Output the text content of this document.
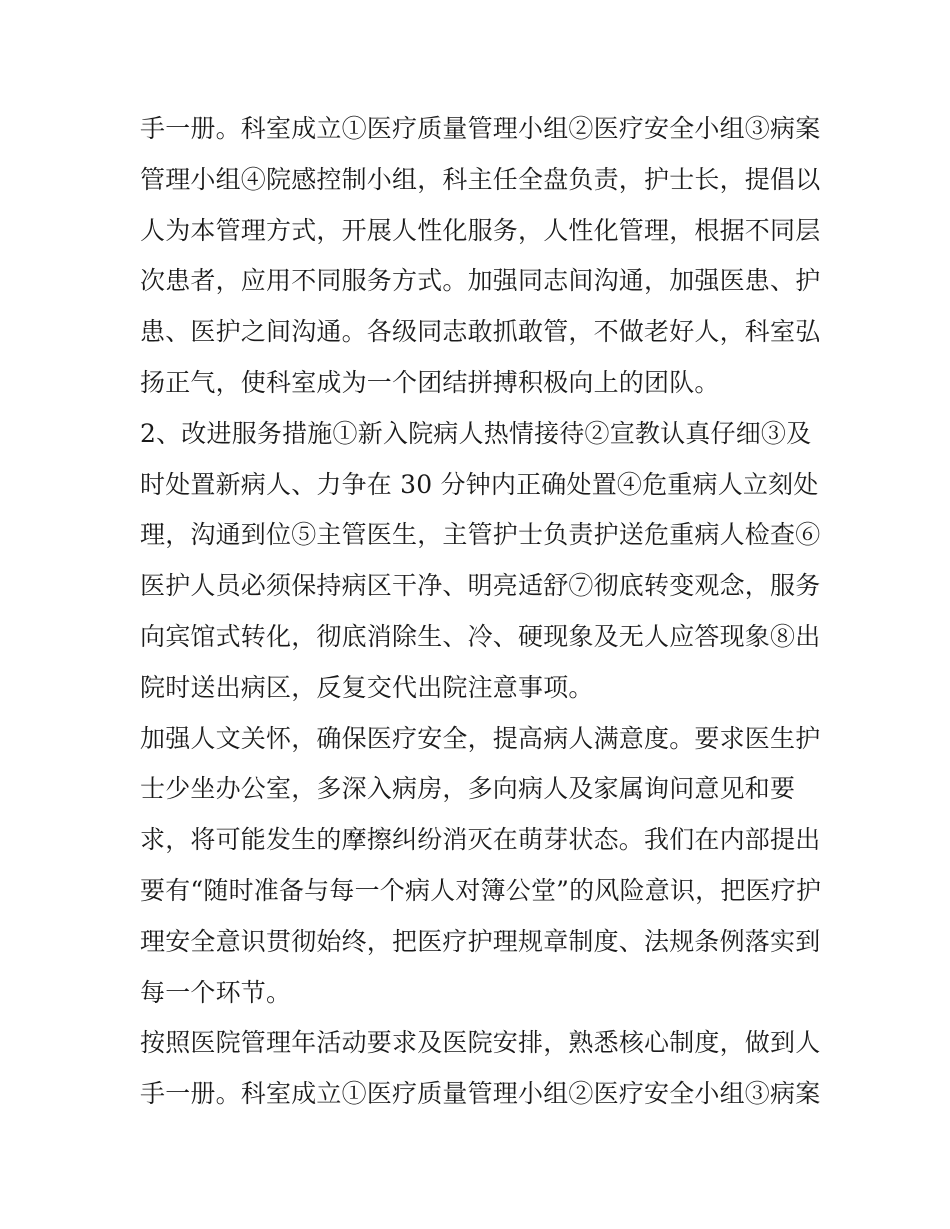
手一册。科室成立①医疗质量管理小组②医疗安全小组③病案
管理小组④院感控制小组，科主任全盘负责，护士长，提倡以
人为本管理方式，开展人性化服务，人性化管理，根据不同层
次患者，应用不同服务方式。加强同志间沟通，加强医患、护
患、医护之间沟通。各级同志敢抓敢管，不做老好人，科室弘
扬正气，使科室成为一个团结拼搏积极向上的团队。
2、改进服务措施①新入院病人热情接待②宣教认真仔细③及
时处置新病人、力争在 30 分钟内正确处置④危重病人立刻处
理，沟通到位⑤主管医生，主管护士负责护送危重病人检查⑥
医护人员必须保持病区干净、明亮适舒⑦彻底转变观念，服务
向宾馆式转化，彻底消除生、冷、硬现象及无人应答现象⑧出
院时送出病区，反复交代出院注意事项。
加强人文关怀，确保医疗安全，提高病人满意度。要求医生护
士少坐办公室，多深入病房，多向病人及家属询问意见和要
求，将可能发生的摩擦纠纷消灭在萌芽状态。我们在内部提出
要有“随时准备与每一个病人对簿公堂”的风险意识，把医疗护
理安全意识贯彻始终，把医疗护理规章制度、法规条例落实到
每一个环节。
按照医院管理年活动要求及医院安排，熟悉核心制度，做到人
手一册。科室成立①医疗质量管理小组②医疗安全小组③病案
